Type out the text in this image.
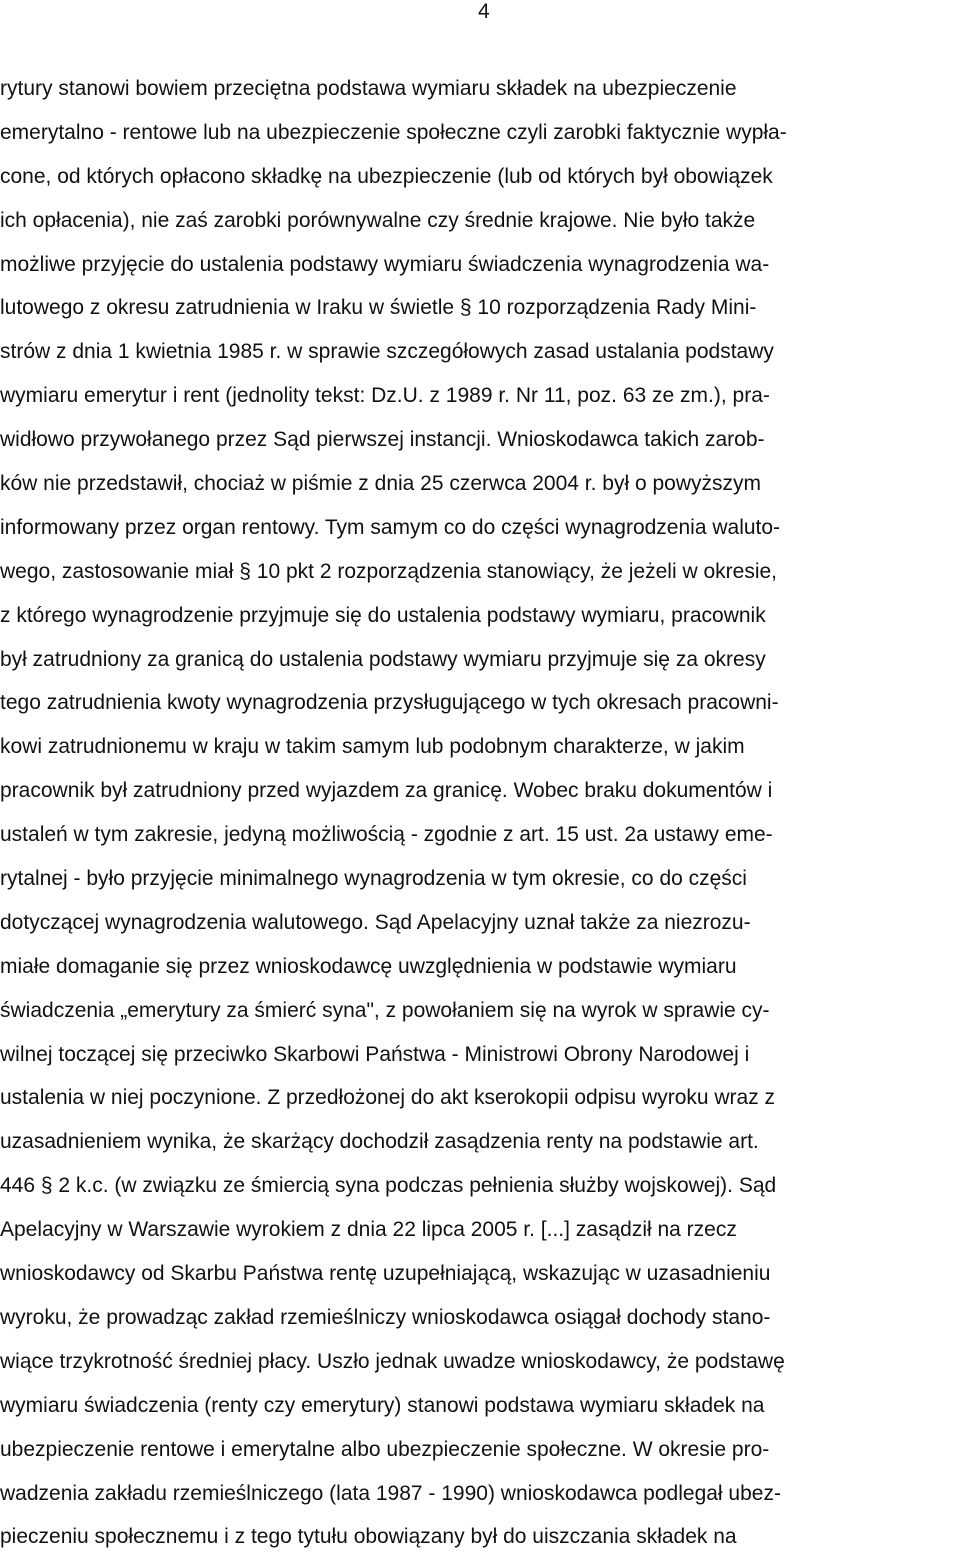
4
rytury stanowi bowiem przeciętna podstawa wymiaru składek na ubezpieczenie
emerytalno - rentowe lub na ubezpieczenie społeczne czyli zarobki faktycznie wypła-
cone, od których opłacono składkę na ubezpieczenie (lub od których był obowiązek
ich opłacenia), nie zaś zarobki porównywalne czy średnie krajowe. Nie było także
możliwe przyjęcie do ustalenia podstawy wymiaru świadczenia wynagrodzenia wa-
lutowego z okresu zatrudnienia w Iraku w świetle § 10 rozporządzenia Rady Mini-
strów z dnia 1 kwietnia 1985 r. w sprawie szczegółowych zasad ustalania podstawy
wymiaru emerytur i rent (jednolity tekst: Dz.U. z 1989 r. Nr 11, poz. 63 ze zm.), pra-
widłowo przywołanego przez Sąd pierwszej instancji. Wnioskodawca takich zarob-
ków nie przedstawił, chociaż w piśmie z dnia 25 czerwca 2004 r. był o powyższym
informowany przez organ rentowy. Tym samym co do części wynagrodzenia waluto-
wego, zastosowanie miał § 10 pkt 2 rozporządzenia stanowiący, że jeżeli w okresie,
z którego wynagrodzenie przyjmuje się do ustalenia podstawy wymiaru, pracownik
był zatrudniony za granicą do ustalenia podstawy wymiaru przyjmuje się za okresy
tego zatrudnienia kwoty wynagrodzenia przysługującego w tych okresach pracowni-
kowi zatrudnionemu w kraju w takim samym lub podobnym charakterze, w jakim
pracownik był zatrudniony przed wyjazdem za granicę. Wobec braku dokumentów i
ustaleń w tym zakresie, jedyną możliwością - zgodnie z art. 15 ust. 2a ustawy eme-
rytalnej - było przyjęcie minimalnego wynagrodzenia w tym okresie, co do części
dotyczącej wynagrodzenia walutowego. Sąd Apelacyjny uznał także za niezrozu-
miałe domaganie się przez wnioskodawcę uwzględnienia w podstawie wymiaru
świadczenia „emerytury za śmierć syna", z powołaniem się na wyrok w sprawie cy-
wilnej toczącej się przeciwko Skarbowi Państwa - Ministrowi Obrony Narodowej i
ustalenia w niej poczynione. Z przedłożonej do akt kserokopii odpisu wyroku wraz z
uzasadnieniem wynika, że skarżący dochodził zasądzenia renty na podstawie art.
446 § 2 k.c. (w związku ze śmiercią syna podczas pełnienia służby wojskowej). Sąd
Apelacyjny w Warszawie wyrokiem z dnia 22 lipca 2005 r. [...] zasądził na rzecz
wnioskodawcy od Skarbu Państwa rentę uzupełniającą, wskazując w uzasadnieniu
wyroku, że prowadząc zakład rzemieślniczy wnioskodawca osiągał dochody stano-
wiące trzykrotność średniej płacy. Uszło jednak uwadze wnioskodawcy, że podstawę
wymiaru świadczenia (renty czy emerytury) stanowi podstawa wymiaru składek na
ubezpieczenie rentowe i emerytalne albo ubezpieczenie społeczne. W okresie pro-
wadzenia zakładu rzemieślniczego (lata 1987 - 1990) wnioskodawca podlegał ubez-
pieczeniu społecznemu i z tego tytułu obowiązany był do uiszczania składek na
